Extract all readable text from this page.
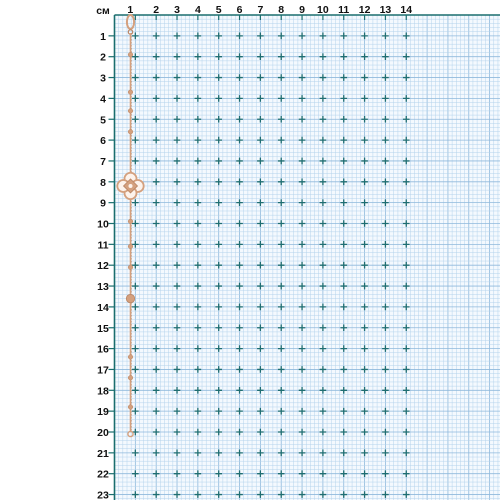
см 1 2 3 4 5 6 7 8 9 10 11 12 13 14
1
2
3
4
5
6
7
8
9
10
11
12
13
14
15
16
17
18
19
20
21
22
23
